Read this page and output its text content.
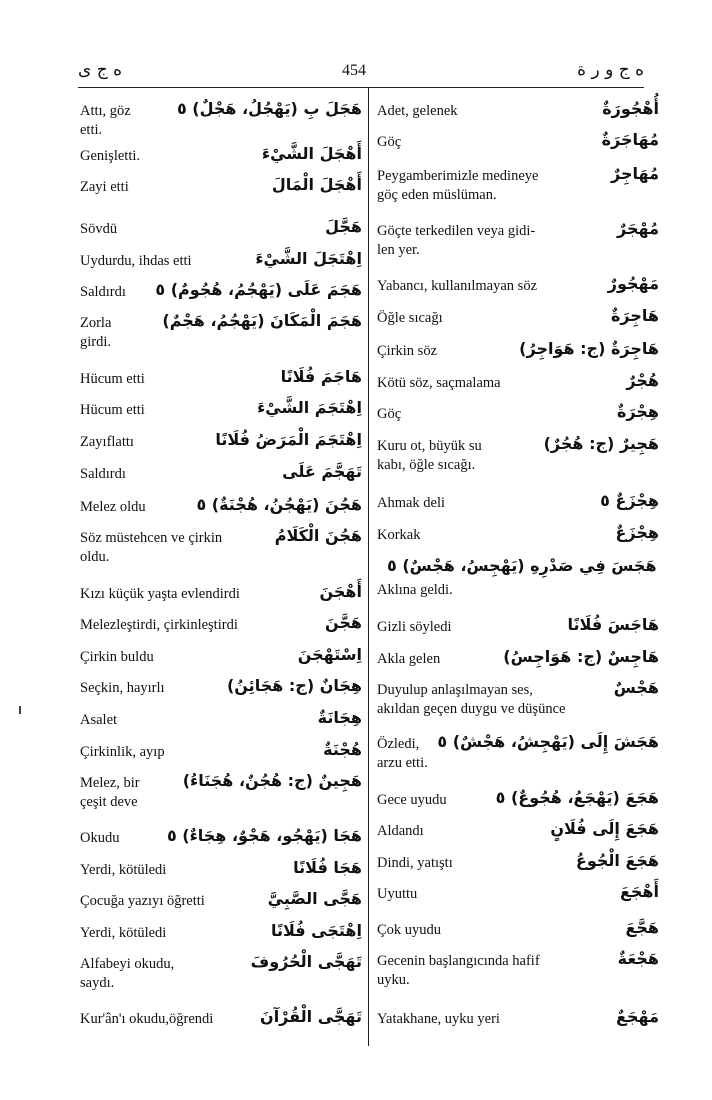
ه ج ى	454	ه ج و ر ة
Attı, göz	هَجَلَ بِ (يَهْجُلُ، هَجْلٌ) ٥
etti.
Genişletti.	أَهْجَلَ الشَّيْءَ
Zayi etti	أَهْجَلَ الْمَالَ
Sövdü	هَجَّلَ
Uydurdu, ihdas etti	اِهْتَجَلَ الشَّيْءَ
Saldırdı	هَجَمَ عَلَى (يَهْجُمُ، هُجُومٌ) ٥
Zorla	هَجَمَ الْمَكَانَ (يَهْجُمُ، هَجْمٌ)
girdi.
Hücum etti	هَاجَمَ فُلَانًا
Hücum etti	اِهْتَجَمَ الشَّيْءَ
Zayıflattı	اِهْتَجَمَ الْمَرَضُ فُلَانًا
Saldırdı	تَهَجَّمَ عَلَى
Melez oldu	هَجُنَ (يَهْجُنُ، هُجْنَةٌ) ٥
Söz müstehcen ve çirkin	هَجُنَ الْكَلَامُ
oldu.
Kızı küçük yaşta evlendirdi	أَهْجَنَ
Melezleştirdi, çirkinleştirdi	هَجَّنَ
Çirkin buldu	اِسْتَهْجَنَ
Seçkin, hayırlı	هِجَانٌ (ج: هَجَائِنُ)
Asalet	هِجَانَةٌ
Çirkinlik, ayıp	هُجْنَةٌ
Melez, bir	هَجِينٌ (ج: هُجُنٌ، هُجَنَاءُ)
çeşit deve
Okudu	هَجَا (يَهْجُو، هَجْوٌ، هِجَاءٌ) ٥
Yerdi, kötüledi	هَجَا فُلَانًا
Çocuğa yazıyı öğretti	هَجَّى الصَّبِيَّ
Yerdi, kötüledi	اِهْتَجَى فُلَانًا
Alfabeyi okudu,	تَهَجَّى الْحُرُوفَ
saydı.
Kur'ân'ı okudu,öğrendi	تَهَجَّى الْقُرْآنَ
Adet, gelenek	أُهْجُورَةٌ
Göç	مُهَاجَرَةٌ
Peygamberimizle medineye	مُهَاجِرٌ
göç eden müslüman.
Göçte terkedilen veya gidi-	مُهْجَرٌ
len yer.
Yabancı, kullanılmayan söz	مَهْجُورٌ
Öğle sıcağı	هَاجِرَةٌ
Çirkin söz	هَاجِرَةٌ (ج: هَوَاجِرُ)
Kötü söz, saçmalama	هُجْرٌ
Göç	هِجْرَةٌ
Kuru ot, büyük su	هَجِيرٌ (ج: هُجُرٌ)
kabı, öğle sıcağı.
Ahmak deli	هِجْزَعٌ ٥
Korkak	هِجْزَعٌ
هَجَسَ فِي صَدْرِهِ (يَهْجِسُ، هَجْسٌ) ٥
Aklına geldi.
Gizli söyledi	هَاجَسَ فُلَانًا
Akla gelen	هَاجِسٌ (ج: هَوَاجِسُ)
Duyulup anlaşılmayan ses,	هَجْسٌ
akıldan geçen duygu ve düşünce
Özledi,	هَجَشَ إِلَى (يَهْجِشُ، هَجْشٌ) ٥
arzu etti.
Gece uyudu	هَجَعَ (يَهْجَعُ، هُجُوعٌ) ٥
Aldandı	هَجَعَ إِلَى فُلَانٍ
Dindi, yatıştı	هَجَعَ الْجُوعُ
Uyuttu	أَهْجَعَ
Çok uyudu	هَجَّعَ
Gecenin başlangıcında hafif	هَجْعَةٌ
uyku.
Yatakhane, uyku yeri	مَهْجَعٌ
